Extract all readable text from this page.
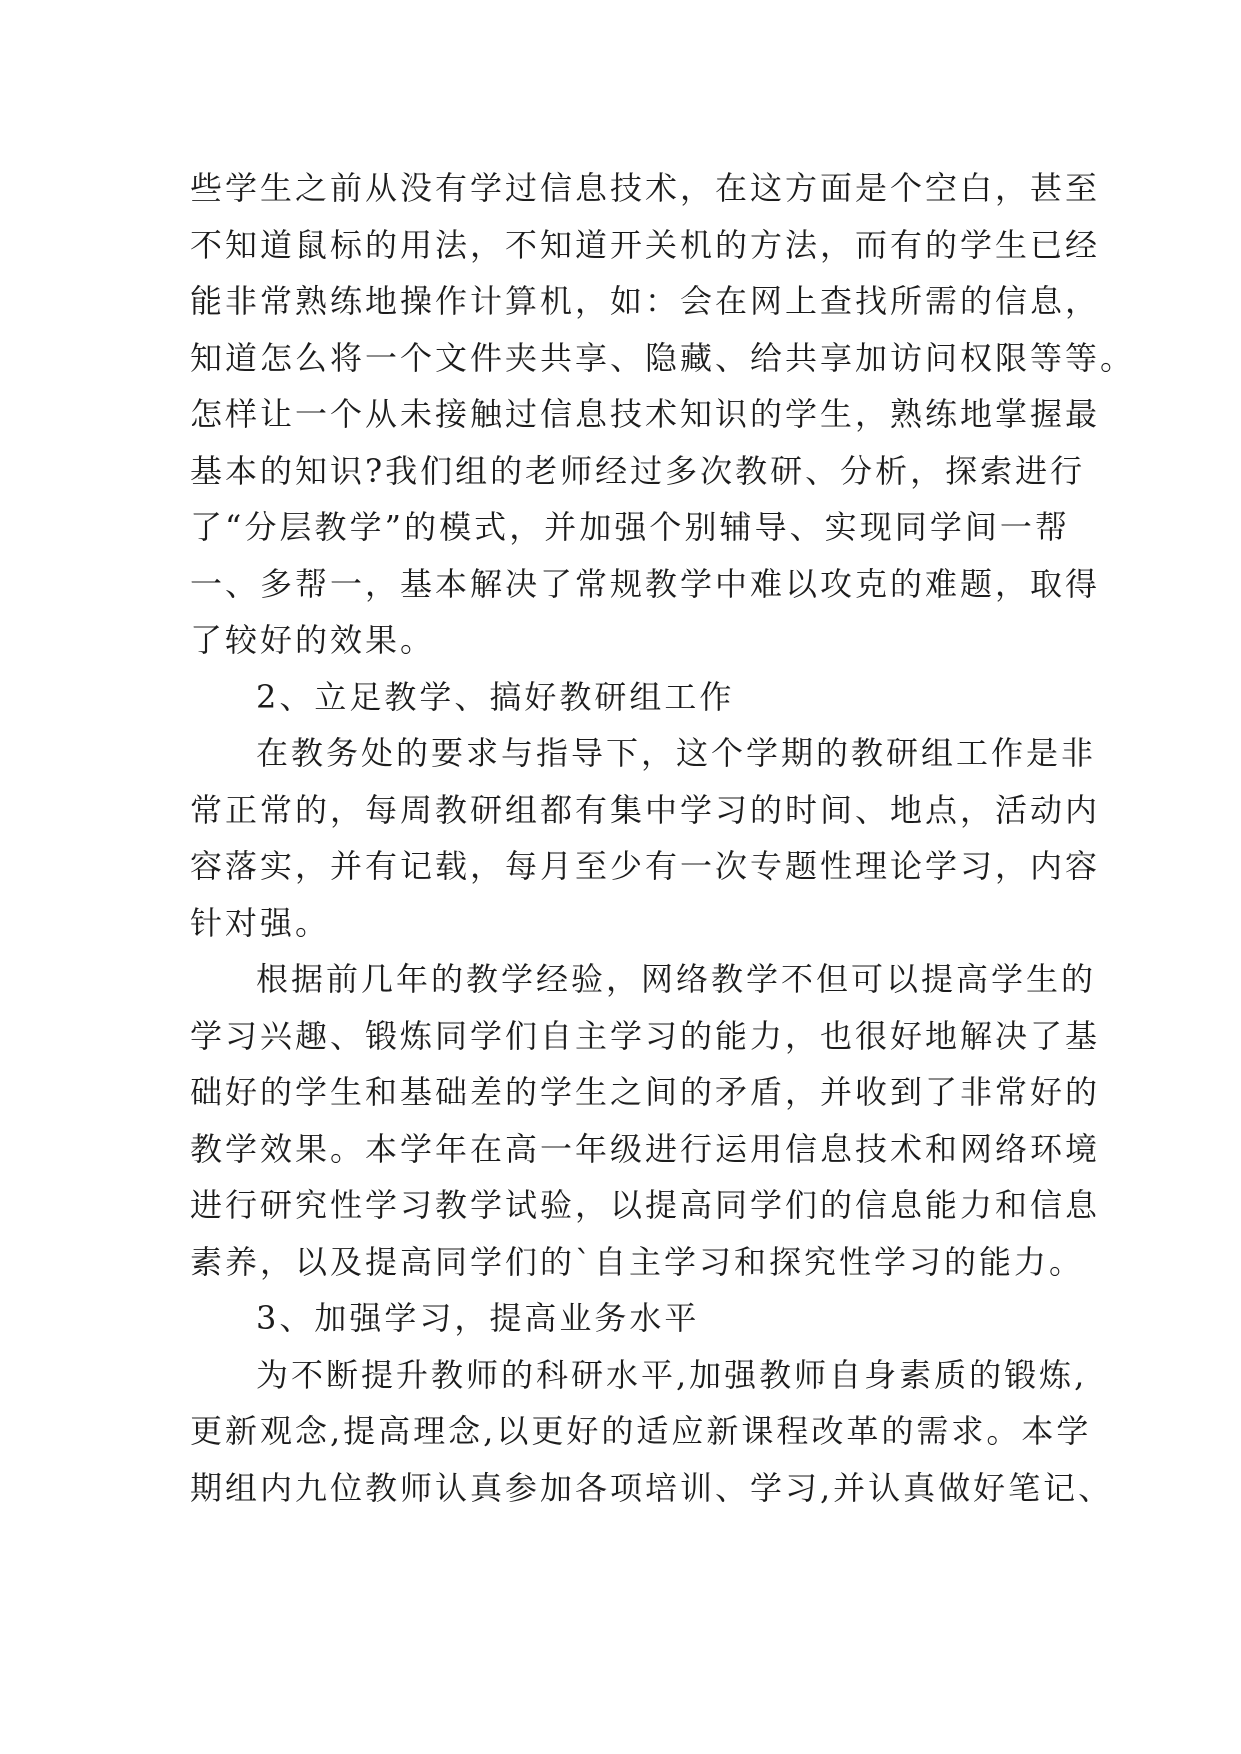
些学生之前从没有学过信息技术，在这方面是个空白，甚至
不知道鼠标的用法，不知道开关机的方法，而有的学生已经
能非常熟练地操作计算机，如：会在网上查找所需的信息，
知道怎么将一个文件夹共享、隐藏、给共享加访问权限等等。
怎样让一个从未接触过信息技术知识的学生，熟练地掌握最
基本的知识?我们组的老师经过多次教研、分析，探索进行
了“分层教学”的模式，并加强个别辅导、实现同学间一帮
一、多帮一，基本解决了常规教学中难以攻克的难题，取得
了较好的效果。
2、立足教学、搞好教研组工作
在教务处的要求与指导下，这个学期的教研组工作是非
常正常的，每周教研组都有集中学习的时间、地点，活动内
容落实，并有记载，每月至少有一次专题性理论学习，内容
针对强。
根据前几年的教学经验，网络教学不但可以提高学生的
学习兴趣、锻炼同学们自主学习的能力，也很好地解决了基
础好的学生和基础差的学生之间的矛盾，并收到了非常好的
教学效果。本学年在高一年级进行运用信息技术和网络环境
进行研究性学习教学试验，以提高同学们的信息能力和信息
素养，以及提高同学们的`自主学习和探究性学习的能力。
3、加强学习，提高业务水平
为不断提升教师的科研水平,加强教师自身素质的锻炼,
更新观念,提高理念,以更好的适应新课程改革的需求。本学
期组内九位教师认真参加各项培训、学习,并认真做好笔记、
